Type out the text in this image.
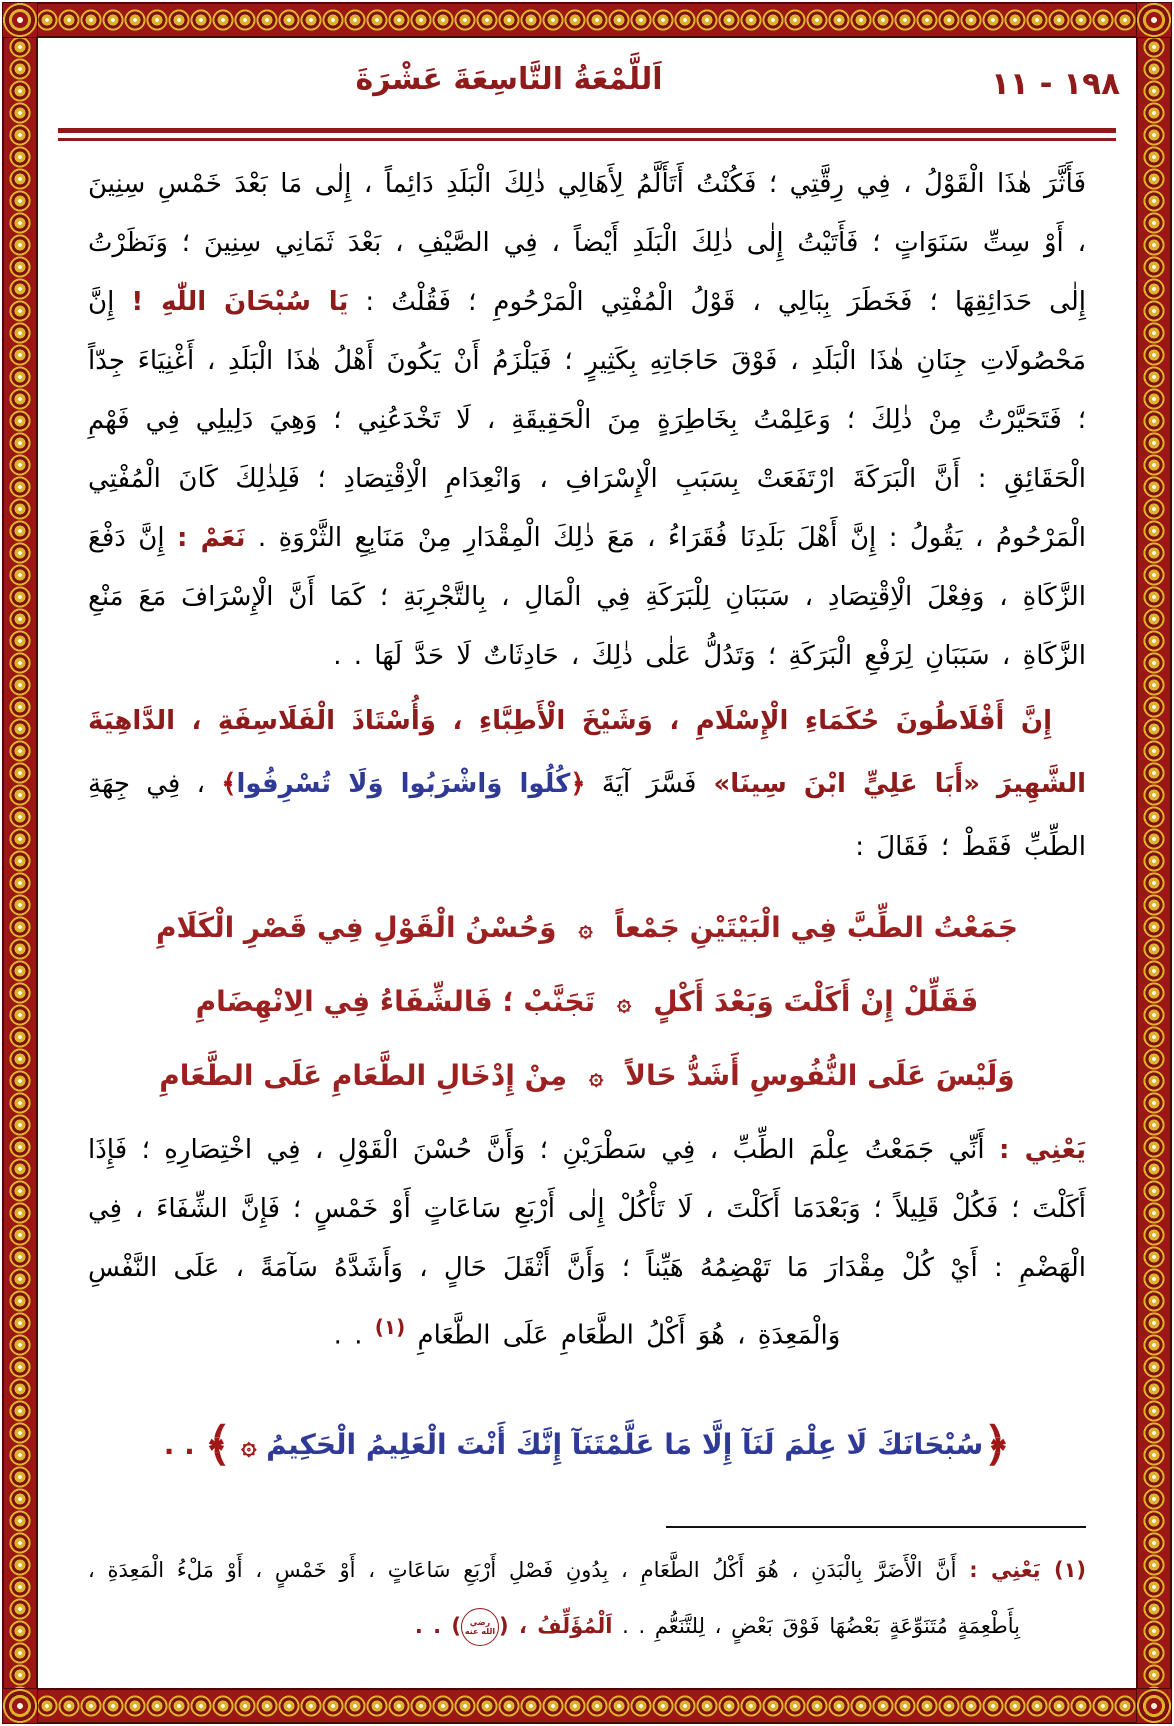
١٩٨ - ١١
اَللَّمْعَةُ التَّاسِعَةَ عَشْرَةَ

فَأَثَّرَ هٰذَا الْقَوْلُ ، فِي رِقَّتِي ؛ فَكُنْتُ أَتَأَلَّمُ لِأَهَالِي ذٰلِكَ الْبَلَدِ دَائِماً ، إِلٰى مَا بَعْدَ خَمْسِ سِنِينَ ، أَوْ سِتِّ سَنَوَاتٍ ؛ فَأَتَيْتُ إِلٰى ذٰلِكَ الْبَلَدِ أَيْضاً ، فِي الصَّيْفِ ، بَعْدَ ثَمَانِي سِنِينَ ؛ وَنَظَرْتُ إِلٰى حَدَائِقِهَا ؛ فَخَطَرَ بِبَالِي ، قَوْلُ الْمُفْتِي الْمَرْحُومِ ؛ فَقُلْتُ : يَا سُبْحَانَ اللّٰهِ ! إِنَّ مَحْصُولَاتِ جِنَانِ هٰذَا الْبَلَدِ ، فَوْقَ حَاجَاتِهِ بِكَثِيرٍ ؛ فَيَلْزَمُ أَنْ يَكُونَ أَهْلُ هٰذَا الْبَلَدِ ، أَغْنِيَاءَ جِدّاً ؛ فَتَحَيَّرْتُ مِنْ ذٰلِكَ ؛ وَعَلِمْتُ بِخَاطِرَةٍ مِنَ الْحَقِيقَةِ ، لَا تَخْدَعُنِي ؛ وَهِيَ دَلِيلِي فِي فَهْمِ الْحَقَائِقِ : أَنَّ الْبَرَكَةَ ارْتَفَعَتْ بِسَبَبِ الْإِسْرَافِ ، وَانْعِدَامِ الْاِقْتِصَادِ ؛ فَلِذٰلِكَ كَانَ الْمُفْتِي الْمَرْحُومُ ، يَقُولُ : إِنَّ أَهْلَ بَلَدِنَا فُقَرَاءُ ، مَعَ ذٰلِكَ الْمِقْدَارِ مِنْ مَنَابِعِ الثَّرْوَةِ . نَعَمْ : إِنَّ دَفْعَ الزَّكَاةِ ، وَفِعْلَ الْاِقْتِصَادِ ، سَبَبَانِ لِلْبَرَكَةِ فِي الْمَالِ ، بِالتَّجْرِبَةِ ؛ كَمَا أَنَّ الْإِسْرَافَ مَعَ مَنْعِ الزَّكَاةِ ، سَبَبَانِ لِرَفْعِ الْبَرَكَةِ ؛ وَتَدُلُّ عَلٰى ذٰلِكَ ، حَادِثَاتٌ لَا حَدَّ لَهَا . .

إِنَّ أَفْلَاطُونَ حُكَمَاءِ الْإِسْلَامِ ، وَشَيْخَ الْأَطِبَّاءِ ، وَأُسْتَاذَ الْفَلَاسِفَةِ ، الدَّاهِيَةَ الشَّهِيرَ «أَبَا عَلِيٍّ ابْنَ سِينَا» فَسَّرَ آيَةَ ﴿كُلُوا وَاشْرَبُوا وَلَا تُسْرِفُوا﴾ ، فِي جِهَةِ الطِّبِّ فَقَطْ ؛ فَقَالَ :

جَمَعْتُ الطِّبَّ فِي الْبَيْتَيْنِ جَمْعاً
۞
وَحُسْنُ الْقَوْلِ فِي قَصْرِ الْكَلَامِ
فَقَلِّلْ إِنْ أَكَلْتَ وَبَعْدَ أَكْلٍ
۞
تَجَنَّبْ ؛ فَالشِّفَاءُ فِي الِانْهِضَامِ
وَلَيْسَ عَلَى النُّفُوسِ أَشَدُّ حَالاً
۞
مِنْ إِدْخَالِ الطَّعَامِ عَلَى الطَّعَامِ

يَعْنِي : أَنِّي جَمَعْتُ عِلْمَ الطِّبِّ ، فِي سَطْرَيْنِ ؛ وَأَنَّ حُسْنَ الْقَوْلِ ، فِي اخْتِصَارِهِ ؛ فَإِذَا أَكَلْتَ ؛ فَكُلْ قَلِيلاً ؛ وَبَعْدَمَا أَكَلْتَ ، لَا تَأْكُلْ إِلٰى أَرْبَعِ سَاعَاتٍ أَوْ خَمْسٍ ؛ فَإِنَّ الشِّفَاءَ ، فِي الْهَضْمِ : أَيْ كُلْ مِقْدَارَ مَا تَهْضِمُهُ هَيِّناً ؛ وَأَنَّ أَثْقَلَ حَالٍ ، وَأَشَدَّهُ سَآمَةً ، عَلَى النَّفْسِ وَالْمَعِدَةِ ، هُوَ أَكْلُ الطَّعَامِ عَلَى الطَّعَامِ $^{(١)}$ . .

﴿سُبْحَانَكَ لَا عِلْمَ لَنَآ إِلَّا مَا عَلَّمْتَنَآ إِنَّكَ أَنْتَ الْعَلِيمُ الْحَكِيمُ ۞ ﴾ . .

(١) يَعْنِي : أَنَّ الْأَضَرَّ بِالْبَدَنِ ، هُوَ أَكْلُ الطَّعَامِ ، بِدُونِ فَصْلِ أَرْبَعِ سَاعَاتٍ ، أَوْ خَمْسٍ ، أَوْ مَلْءُ الْمَعِدَةِ ، بِأَطْعِمَةٍ مُتَنَوِّعَةٍ بَعْضُهَا فَوْقَ بَعْضٍ ، لِلتَّنَعُّمِ . . اَلْمُؤَلِّفُ ، (رضي الله عنه) . .
